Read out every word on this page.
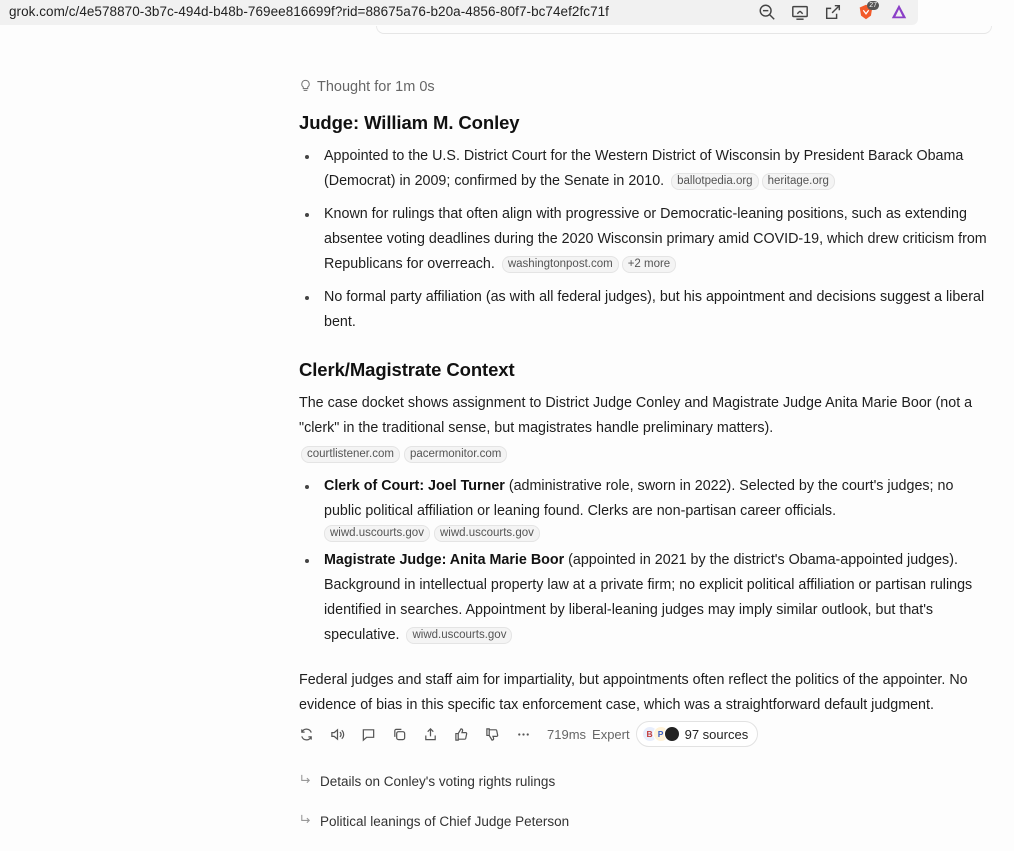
grok.com/c/4e578870-3b7c-494d-b48b-769ee816699f?rid=88675a76-b20a-4856-80f7-bc74ef2fc71f	27
Thought for 1m 0s
Judge: William M. Conley
Appointed to the U.S. District Court for the Western District of Wisconsin by President Barack Obama (Democrat) in 2009; confirmed by the Senate in 2010. ballotpedia.org heritage.org
Known for rulings that often align with progressive or Democratic-leaning positions, such as extending absentee voting deadlines during the 2020 Wisconsin primary amid COVID-19, which drew criticism from Republicans for overreach. washingtonpost.com +2 more
No formal party affiliation (as with all federal judges), but his appointment and decisions suggest a liberal bent.
Clerk/Magistrate Context

The case docket shows assignment to District Judge Conley and Magistrate Judge Anita Marie Boor (not a "clerk" in the traditional sense, but magistrates handle preliminary matters).

courtlistener.com	pacermonitor.com
Clerk of Court: Joel Turner (administrative role, sworn in 2022). Selected by the court's judges; no public political affiliation or leaning found. Clerks are non-partisan career officials.
wiwd.uscourts.gov	wiwd.uscourts.gov
Magistrate Judge: Anita Marie Boor (appointed in 2021 by the district's Obama-appointed judges). Background in intellectual property law at a private firm; no explicit political affiliation or partisan rulings identified in searches. Appointment by liberal-leaning judges may imply similar outlook, but that's speculative. wiwd.uscourts.gov

Federal judges and staff aim for impartiality, but appointments often reflect the politics of the appointer. No evidence of bias in this specific tax enforcement case, which was a straightforward default judgment.

719ms Expert	B P	97 sources
Details on Conley's voting rights rulings
Political leanings of Chief Judge Peterson
